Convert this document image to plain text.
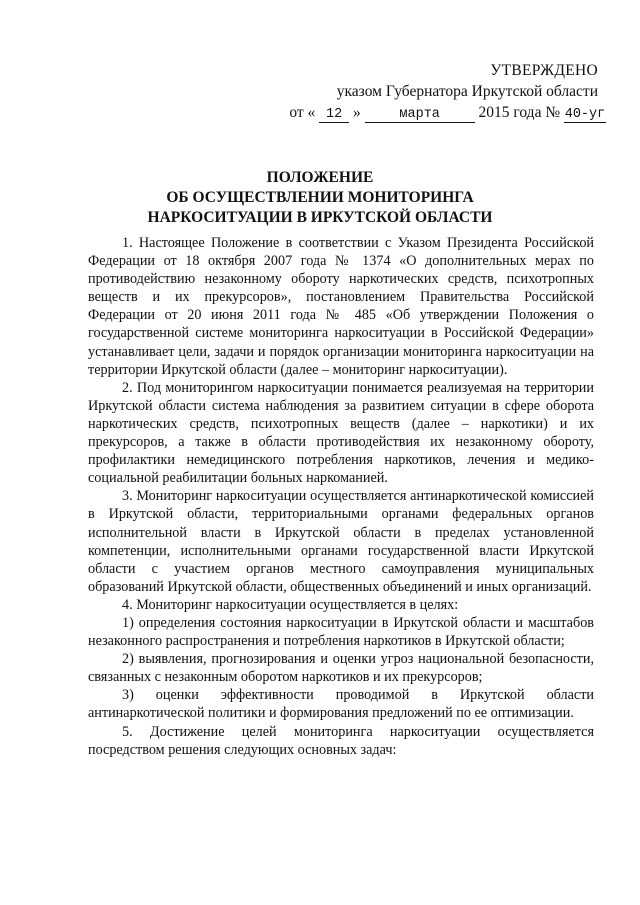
УТВЕРЖДЕНО
указом Губернатора Иркутской области
от « 12 »	марта 2015 года № 40-уг
ПОЛОЖЕНИЕ
ОБ ОСУЩЕСТВЛЕНИИ МОНИТОРИНГА
НАРКОСИТУАЦИИ В ИРКУТСКОЙ ОБЛАСТИ

1. Настоящее Положение в соответствии с Указом Президента Российской Федерации от 18 октября 2007 года № 1374 «О дополнительных мерах по противодействию незаконному обороту наркотических средств, психотропных веществ и их прекурсоров», постановлением Правительства Российской Федерации от 20 июня 2011 года № 485 «Об утверждении Положения о государственной системе мониторинга наркоситуации в Российской Федерации» устанавливает цели, задачи и порядок организации мониторинга наркоситуации на территории Иркутской области (далее – мониторинг наркоситуации).

2. Под мониторингом наркоситуации понимается реализуемая на территории Иркутской области система наблюдения за развитием ситуации в сфере оборота наркотических средств, психотропных веществ (далее – наркотики) и их прекурсоров, а также в области противодействия их незаконному обороту, профилактики немедицинского потребления наркотиков, лечения и медико-социальной реабилитации больных наркоманией.

3. Мониторинг наркоситуации осуществляется антинаркотической комиссией в Иркутской области, территориальными органами федеральных органов исполнительной власти в Иркутской области в пределах установленной компетенции, исполнительными органами государственной власти Иркутской области с участием органов местного самоуправления муниципальных образований Иркутской области, общественных объединений и иных организаций.

4. Мониторинг наркоситуации осуществляется в целях:

1) определения состояния наркоситуации в Иркутской области и масштабов незаконного распространения и потребления наркотиков в Иркутской области;

2) выявления, прогнозирования и оценки угроз национальной безопасности, связанных с незаконным оборотом наркотиков и их прекурсоров;

3) оценки эффективности проводимой в Иркутской области антинаркотической политики и формирования предложений по ее оптимизации.

5. Достижение целей мониторинга наркоситуации осуществляется посредством решения следующих основных задач:
